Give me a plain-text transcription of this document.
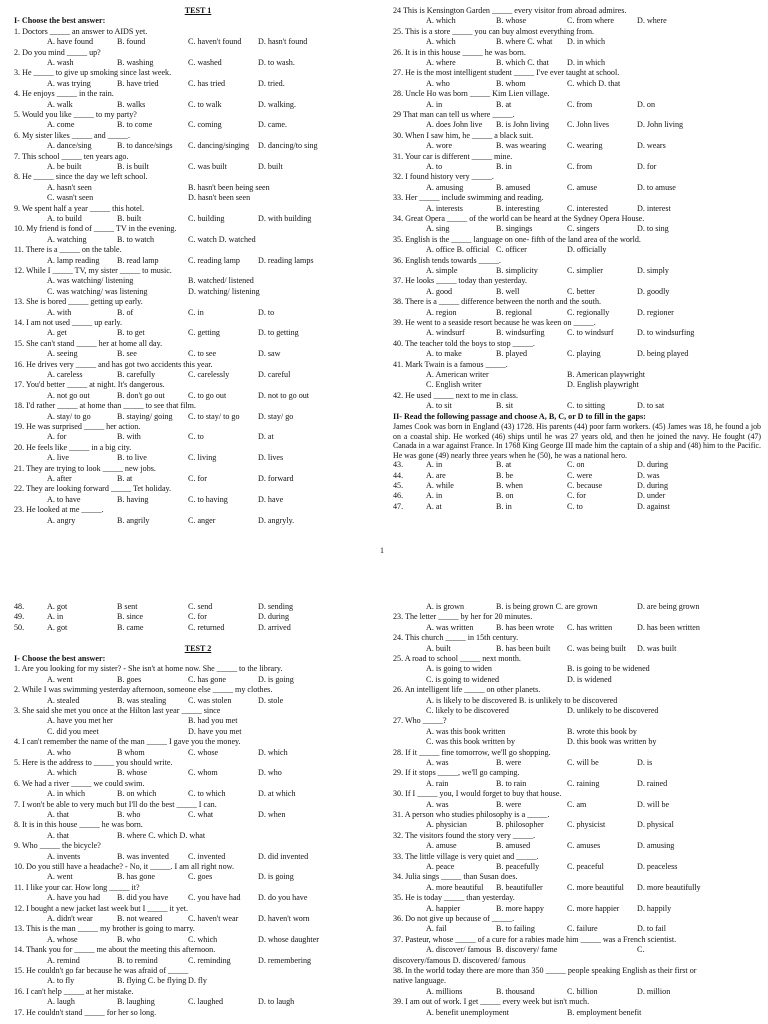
TEST 1
I- Choose the best answer:
1. Doctors _____ an answer to AIDS yet.
A. have found	B. found	C. haven't found D. hasn't found
2. Do you mind _____ up?
A. wash	B. washing	C. washed	D. to wash.
3. He _____ to give up smoking since last week.
A. was trying	B. have tried	C. has tried	D. tried.
4. He enjoys _____ in the rain.
A. walk	B. walks	C. to walk	D. walking.
5. Would you like _____ to my party?
A. come	B. to come	C. coming	D. came.
6. My sister likes _____ and _____.
A. dance/sing	B. to dance/sings C. dancing/singing D. dancing/to sing
7. This school _____ ten years ago.
A. be built	B. is built	C. was built	D. built
8. He _____ since the day we left school.
A. hasn't seen	B. hasn't been being seen
C. wasn't seen	D. hasn't been seen
9. We spent half a year _____ this hotel.
A. to build	B. built	C. building	D. with building
10. My friend is fond of _____ TV in the evening.
A. watching	B. to watch	C. watch D. watched
11. There is a _____ on the table.
A. lamp reading B. read lamp	C. reading lamp D. reading lamps
12. While I _____ TV, my sister _____ to music.
A. was watching/ listening	B. watched/ listened
C. was watching/ was listening	D. watching/ listening
13. She is bored _____ getting up early.
A. with	B. of	C. in	D. to
14. I am not used _____ up early.
A. get	B. to get	C. getting	D. to getting
15. She can't stand _____ her at home all day.
A. seeing	B. see	C. to see	D. saw
16. He drives very _____ and has got two accidents this year.
A. careless	B. carefully	C. carelessly	D. careful
17. You'd better _____ at night. It's dangerous.
A. not go out	B. don't go out	C. to go out	D. not to go out
18. I'd rather _____ at home than _____ to see that film.
A. stay/ to go	B. staying/ going C. to stay/ to go D. stay/ go
19. He was surprised _____ her action.
A. for	B. with	C. to	D. at
20. He feels like _____ in a big city.
A. live	B. to live	C. living	D. lives
21. They are trying to look _____ new jobs.
A. after	B. at	C. for	D. forward
22. They are looking forward _____ Tet holiday.
A. to have	B. having	C. to having	D. have
23. He looked at me _____.
A. angry	B. angrily	C. anger	D. angryly.
24 This is Kensington Garden _____ every visitor from abroad admires.
A. which	B. whose	C. from where	D. where
25. This is a store _____ you can buy almost everything from.
A. which	B. where C. what D. in which
26. It is in this house _____ he was born.
A. where	B. which C. that D. in which
27. He is the most intelligent student _____ I've ever taught at school.
A. who	B. whom	C. which D. that
28. Uncle Ho was born _____ Kim Lien village.
A. in	B. at	C. from	D. on
29 That man can tell us where _____.
A. does John live B. is John living C. John lives	D. John living
30. When I saw him, he _____ a black suit.
A. wore	B. was wearing	C. wearing	D. wears
31. Your car is different _____ mine.
A. to	B. in	C. from	D. for
32. I found history very _____.
A. amusing	B. amused	C. amuse	D. to amuse
33. Her _____ include swimming and reading.
A. interests	B. interesting	C. interested	D. interest
34. Great Opera _____ of the world can be heard at the Sydney Opera House.
A. sing	B. singings	C. singers	D. to sing
35. English is the _____ language on one- fifth of the land area of the world.
A. office B. official C. officer	D. officially
36. English tends towards _____.
A. simple	B. simplicity	C. simplier	D. simply
37. He looks _____ today than yesterday.
A. good	B. well	C. better	D. goodly
38. There is a _____ difference between the north and the south.
A. region	B. regional	C. regionally	D. regioner
39. He went to a seaside resort because he was keen on _____.
A. windsurf	B. windsurfing	C. to windsurf	D. to windsurfing
40. The teacher told the boys to stop _____.
A. to make	B. played	C. playing	D. being played
41. Mark Twain is a famous _____.
A. American writer	B. American playwright
C. English writer	D. English playwright
42. He used _____ next to me in class.
A. to sit	B. sit	C. to sitting	D. to sat
II- Read the following passage and choose A, B, C, or D to fill in the gaps:
James Cook was born in England (43) 1728. His parents (44) poor farm workers. (45) James was 18, he found a job on a coastal ship. He worked (46) ships until he was 27 years old, and then he joined the navy. He fought (47) Canada in a war against France. In 1768 King George III made him the captain of a ship and (48) him to the Pacific. He was gone (49) nearly three years when he (50), he was a national hero.
43.	A. in	B. at	C. on	D. during
44.	A. are	B. be	C. were	D. was
45.	A. while	B. when	C. because	D. during
46.	A. in	B. on	C. for	D. under
47.	A. at	B. in	C. to	D. against
1
48.	A. got	B sent	C. send	D. sending
49.	A. in	B. since	C. for	D. during
50.	A. got	B. came	C. returned	D. arrived
TEST 2
I- Choose the best answer:
1. Are you looking for my sister? - She isn't at home now. She _____ to the library.
A. went	B. goes	C. has gone	D. is going
2. While I was swimming yesterday afternoon, someone else _____ my clothes.
A. stealed	B. was stealing	C. was stolen	D. stole
3. She said she met you once at the Hilton last year _____ since
A. have you met her	B. had you met
C. did you meet	D. have you met
4. I can't remember the name of the man _____ I gave you the money.
A. who	B whom	C. whose	D. which
5. Here is the address to _____ you should write.
A. which	B. whose	C. whom	D. who
6. We had a river _____ we could swim.
A. in which	B. on which	C. to which	D. at which
7. I won't be able to very much but I'll do the best _____ I can.
A. that	B. who	C. what	D. when
8. It is in this house _____ he was born.
A. that	B. where C. which D. what
9. Who _____ the bicycle?
A. invents	B. was invented C. invented	D. did invented
10. Do you still have a headache? - No, it _____. I am all right now.
A. went	B. has gone	C. goes	D. is going
11. I like your car. How long _____ it?
A. have you had B. did you have C. you have had D. do you have
12. I bought a new jacket last week but I _____ it yet.
A. didn't wear	B. not weared	C. haven't wear D. haven't worn
13. This is the man _____ my brother is going to marry.
A. whose	B. who	C. which	D. whose daughter
14. Thank you for _____ me about the meeting this afternoon.
A. remind	B. to remind	C. reminding	D. remembering
15. He couldn't go far because he was afraid of _____
A. to fly	B. flying C. be flying D. fly
16. I can't help _____ at her mistake.
A. laugh	B. laughing	C. laughed	D. to laugh
17. He couldn't stand _____ for her so long.
A. is grown	B. is being grown C. are grown	D. are being grown
23. The letter _____ by her for 20 minutes.
A. was written	B. has been wrote C. has written	D. has been written
24. This church _____ in 15th century.
A. built	B. has been built C. was being built D. was built
25. A road to school _____ next month.
A. is going to widen	B. is going to be widened
C. is going to widened	D. is widened
26. An intelligent life _____ on other planets.
A. is likely to be discovered B. is unlikely to be discovered
C. likely to be discovered	D. unlikely to be discovered
27. Who _____?
A. was this book written	B. wrote this book by
C. was this book written by	D. this book was written by
28. If it _____ fine tomorrow, we'll go shopping.
A. was	B. were	C. will be	D. is
29. If it stops _____, we'll go camping.
A. rain	B. to rain	C. raining	D. rained
30. If I _____ you, I would forget to buy that house.
A. was	B. were	C. am	D. will be
31. A person who studies philosophy is a _____.
A. physician	B. philosopher	C. physicist	D. physical
32. The visitors found the story very _____.
A. amuse	B. amused	C. amuses	D. amusing
33. The little village is very quiet and _____.
A. peace	B. peacefully	C. peaceful	D. peaceless
34. Julia sings _____ than Susan does.
A. more beautiful B. beautifuller	C. more beautiful D. more beautifully
35. He is today _____ than yesterday.
A. happier	B. more happy	C. more happier D. happily
36. Do not give up because of _____.
A. fail	B. to failing	C. failure	D. to fail
37. Pasteur, whose _____ of a cure for a rabies made him _____ was a French scientist.
A. discover/ famous B. discovery/ fame	C.
discovery/famous D. discovered/ famous
38. In the world today there are more than 350 _____ people speaking English as their first or
native language.
A. millions	B. thousand	C. billion	D. million
39. I am out of work. I get _____ every week but isn't much.
A. benefit unemployment	B. employment benefit
